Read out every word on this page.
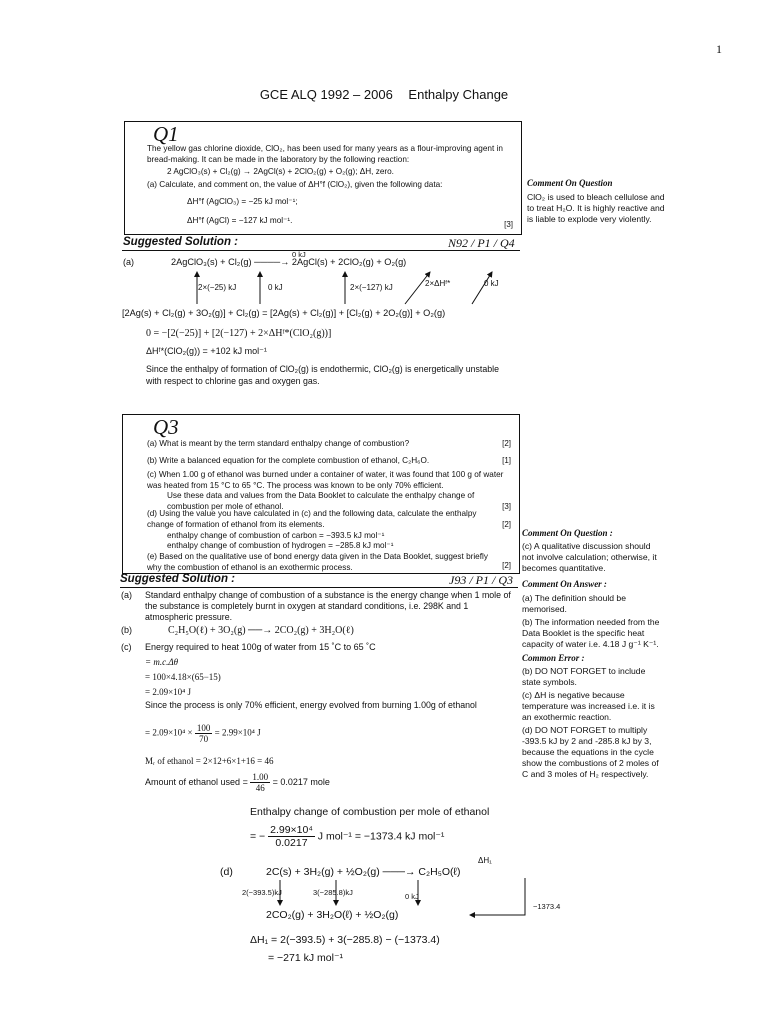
1
GCE ALQ 1992 – 2006 Enthalpy Change
Q1
The yellow gas chlorine dioxide, ClO₂, has been used for many years as a flour-improving agent in bread-making. It can be made in the laboratory by the following reaction:
2 AgClO₃(s) + Cl₂(g) → 2AgCl(s) + 2ClO₂(g) + O₂(g); ΔH, zero.
(a) Calculate, and comment on, the value of ΔH°f (ClO₂), given the following data:
ΔH°f (AgClO₃) = −25 kJ mol⁻¹;
ΔH°f (AgCl) = −127 kJ mol⁻¹.	[3]
Comment On Question
ClO₂ is used to bleach cellulose and to treat H₂O. It is highly reactive and is liable to explode very violently.
Suggested Solution :	N92 / P1 / Q4
(a)	2AgClO₃(s) + Cl₂(g) ────→ 2AgCl(s) + 2ClO₂(g) + O₂(g)
0 kJ
2×(−25) kJ	0 kJ	2×(−127) kJ	2×ΔHᶠ*	0 kJ
[2Ag(s) + Cl₂(g) + 3O₂(g)] + Cl₂(g) = [2Ag(s) + Cl₂(g)] + [Cl₂(g) + 2O₂(g)] + O₂(g)
0 = −[2(−25)] + [2(−127) + 2×ΔHᶠ*(ClO₂(g))]
ΔHᶠ*(ClO₂(g)) = +102 kJ mol⁻¹
Since the enthalpy of formation of ClO₂(g) is endothermic, ClO₂(g) is energetically unstable with respect to chlorine gas and oxygen gas.
Q3
(a) What is meant by the term standard enthalpy change of combustion?	[2]
(b) Write a balanced equation for the complete combustion of ethanol, C₂H₆O.	[1]
(c) When 1.00 g of ethanol was burned under a container of water, it was found that 100 g of water was heated from 15 °C to 65 °C. The process was known to be only 70% efficient.
Use these data and values from the Data Booklet to calculate the enthalpy change of combustion per mole of ethanol.	[3]
(d) Using the value you have calculated in (c) and the following data, calculate the enthalpy change of formation of ethanol from its elements.	[2]
enthalpy change of combustion of carbon = −393.5 kJ mol⁻¹
enthalpy change of combustion of hydrogen = −285.8 kJ mol⁻¹
(e) Based on the qualitative use of bond energy data given in the Data Booklet, suggest briefly why the combustion of ethanol is an exothermic process.	[2]
Suggested Solution :	J93 / P1 / Q3
(a) Standard enthalpy change of combustion of a substance is the energy change when 1 mole of the substance is completely burnt in oxygen at standard conditions, i.e. 298K and 1 atmospheric pressure.
(b)	C₂H₅O(ℓ) + 3O₂(g) ──→ 2CO₂(g) + 3H₂O(ℓ)
(c) Energy required to heat 100g of water from 15 ˚C to 65 ˚C
= m.c.Δθ
= 100×4.18×(65−15)
= 2.09×10⁴ J
Since the process is only 70% efficient, energy evolved from burning 1.00g of ethanol
= $2.09\times 10^4 \times \frac{100}{70} = 2.99\times 10^4$ J
Mᵣ of ethanol = 2×12+6×1+16 = 46
Amount of ethanol used = $\frac{1.00}{46} = 0.0217$ mole
Comment On Question :
(c) A qualitative discussion should not involve calculation; otherwise, it becomes quantitative.
Comment On Answer :
(a) The definition should be memorised.
(b) The information needed from the Data Booklet is the specific heat capacity of water i.e. 4.18 J g⁻¹ K⁻¹.
Common Error :
(b) DO NOT FORGET to include state symbols.
(c) ΔH is negative because temperature was increased i.e. it is an exothermic reaction.
(d) DO NOT FORGET to multiply -393.5 kJ by 2 and -285.8 kJ by 3, because the equations in the cycle show the combustions of 2 moles of C and 3 moles of H₂ respectively.
Enthalpy change of combustion per mole of ethanol
= − $\frac{\text{2.99×10⁴}}{0.0217}$ J mol⁻¹ = −1373.4 kJ mol⁻¹
(d)	2C(s) + 3H₂(g) + ½O₂(g) ───→ C₂H₅O(ℓ)
ΔH₁
2(−393.5)kJ	3(−285.8)kJ	0 kJ
2CO₂(g) + 3H₂O(ℓ) + ½O₂(g)
−1373.4
ΔH₁ = 2(−393.5) + 3(−285.8) − (−1373.4)
= −271 kJ mol⁻¹
